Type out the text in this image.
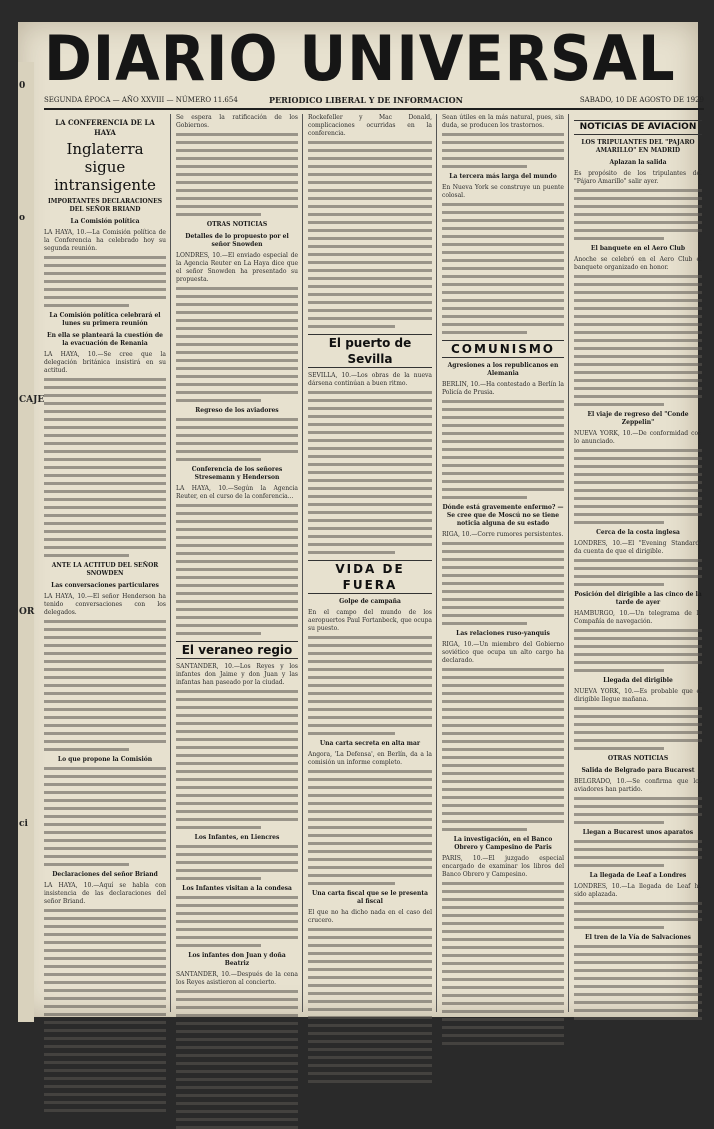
0
o
CAJE
OR
ci
DIARIO UNIVERSAL
SEGUNDA ÉPOCA — AÑO XXVIII — NÚMERO 11.654	PERIODICO LIBERAL Y DE INFORMACION	SABADO, 10 DE AGOSTO DE 1929
LA CONFERENCIA DE LA HAYA
Inglaterra sigue intransigente
IMPORTANTES DECLARACIONES DEL SEÑOR BRIAND
La Comisión política
LA HAYA, 10.—La Comisión política de la Conferencia ha celebrado hoy su segunda reunión.
La Comisión política celebrará el lunes su primera reunión
En ella se planteará la cuestión de la evacuación de Renania
LA HAYA, 10.—Se cree que la delegación británica insistirá en su actitud.
ANTE LA ACTITUD DEL SEÑOR SNOWDEN
Las conversaciones particulares
LA HAYA, 10.—El señor Henderson ha tenido conversaciones con los delegados.
Lo que propone la Comisión
Declaraciones del señor Briand
LA HAYA, 10.—Aquí se habla con insistencia de las declaraciones del señor Briand.
Se espera la ratificación de los Gobiernos.
OTRAS NOTICIAS
Detalles de lo propuesto por el señor Snowden
LONDRES, 10.—El enviado especial de la Agencia Reuter en La Haya dice que el señor Snowden ha presentado su propuesta.
Regreso de los aviadores
Conferencia de los señores Stresemann y Henderson
LA HAYA, 10.—Según la Agencia Reuter, en el curso de la conferencia...
El veraneo regio
SANTANDER, 10.—Los Reyes y los infantes don Jaime y don Juan y las infantas han paseado por la ciudad.
Los Infantes, en Liencres
Los Infantes visitan a la condesa
Los infantes don Juan y doña Beatriz
SANTANDER, 10.—Después de la cena los Reyes asistieron al concierto.
Rockefeller y Mac Donald, complicaciones ocurridas en la conferencia.
El puerto de Sevilla
SEVILLA, 10.—Los obras de la nueva dársena continúan a buen ritmo.
VIDA DE FUERA
Golpe de campaña
En el campo del mundo de los aeropuertos Paul Fortanbeck, que ocupa su puesto.
Una carta secreta en alta mar
Angora, 'La Defensa', en Berlín, da a la comisión un informe completo.
Una carta fiscal que se le presenta al fiscal
El que no ha dicho nada en el caso del crucero.
Sean útiles en la más natural, pues, sin duda, se producen los trastornos.
La tercera más larga del mundo
En Nueva York se construye un puente colosal.
COMUNISMO
Agresiones a los republicanos en Alemania
BERLIN, 10.—Ha contestado a Berlín la Policía de Prusia.
Dónde está gravemente enfermo? —Se cree que de Moscú no se tiene noticia alguna de su estado
RIGA, 10.—Corre rumores persistentes.
Las relaciones ruso-yanquis
RIGA, 10.—Un miembro del Gobierno soviético que ocupa un alto cargo ha declarado.
La investigación, en el Banco Obrero y Campesino de Paris
PARIS, 10.—El juzgado especial encargado de examinar los libros del Banco Obrero y Campesino.
NOTICIAS DE AVIACION
LOS TRIPULANTES DEL "PAJARO AMARILLO" EN MADRID
Aplazan la salida
Es propósito de los tripulantes del "Pájaro Amarillo" salir ayer.
El banquete en el Aero Club
Anoche se celebró en el Aero Club el banquete organizado en honor.
El viaje de regreso del "Conde Zeppelin"
NUEVA YORK, 10.—De conformidad con lo anunciado.
Cerca de la costa inglesa
LONDRES, 10.—El "Evening Standard" da cuenta de que el dirigible.
Posición del dirigible a las cinco de la tarde de ayer
HAMBURGO, 10.—Un telegrama de la Compañía de navegación.
Llegada del dirigible
NUEVA YORK, 10.—Es probable que el dirigible llegue mañana.
OTRAS NOTICIAS
Salida de Belgrado para Bucarest
BELGRADO, 10.—Se confirma que los aviadores han partido.
Llegan a Bucarest unos aparatos
La llegada de Leaf a Londres
LONDRES, 10.—La llegada de Leaf ha sido aplazada.
El tren de la Vía de Salvaciones
